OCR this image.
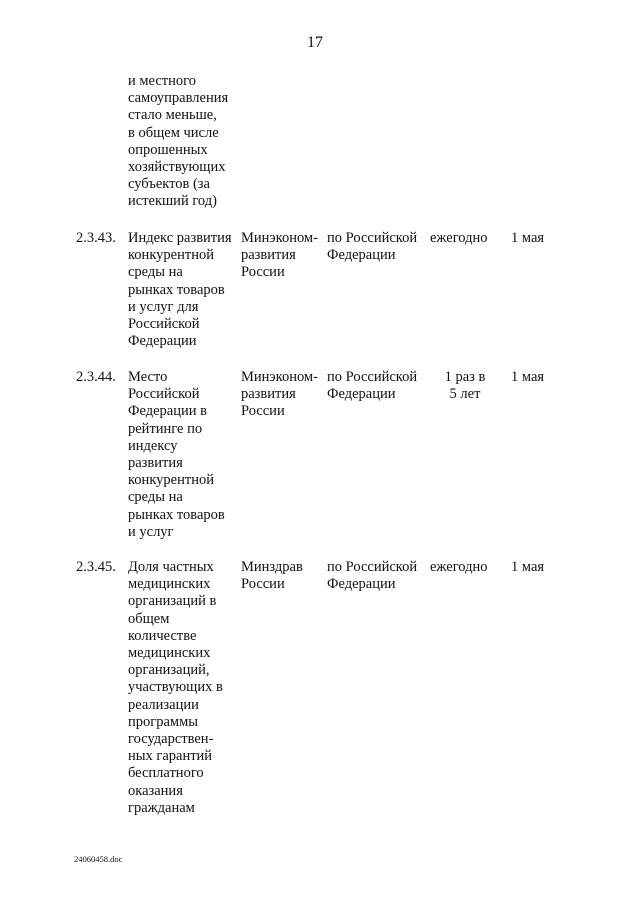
17
и местного
самоуправления
стало меньше,
в общем числе
опрошенных
хозяйствующих
субъектов (за
истекший год)
2.3.43. Индекс развития
конкурентной
среды на
рынках товаров
и услуг для
Российской
Федерации
Минэконом-
развития
России
по Российской
Федерации
ежегодно	1 мая
2.3.44. Место
Российской
Федерации в
рейтинге по
индексу
развития
конкурентной
среды на
рынках товаров
и услуг
Минэконом-
развития
России
по Российской
Федерации
1 раз в
5 лет
1 мая
2.3.45. Доля частных
медицинских
организаций в
общем
количестве
медицинских
организаций,
участвующих в
реализации
программы
государствен-
ных гарантий
бесплатного
оказания
гражданам
Минздрав
России
по Российской
Федерации
ежегодно	1 мая
24060458.doc
